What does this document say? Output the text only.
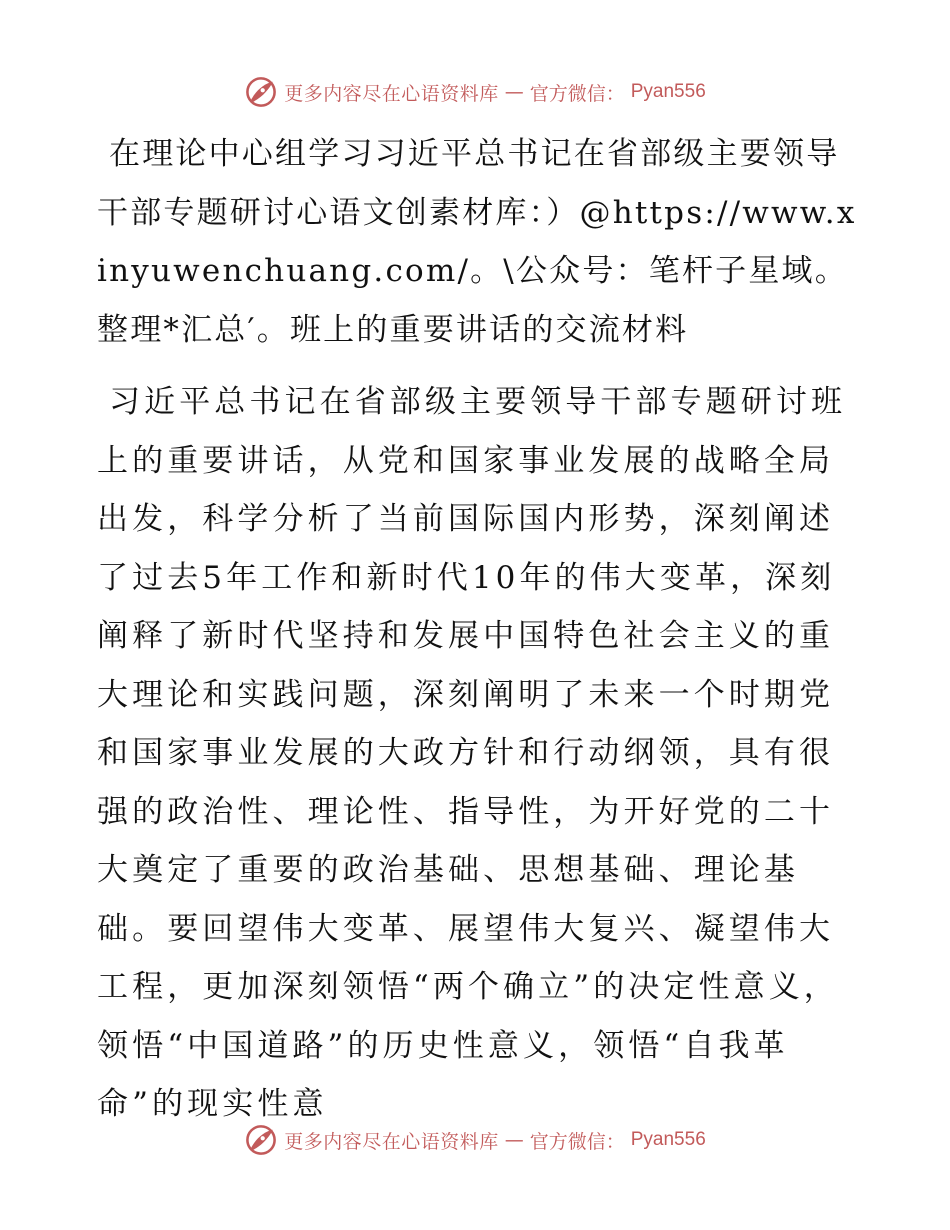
更多内容尽在心语资料库 — 官方微信： Pyan556

在理论中心组学习习近平总书记在省部级主要领导干部专题研讨心语文创素材库：）@https://www.xinyuwenchuang.com/。\公众号：笔杆子星域。整理*汇总′。班上的重要讲话的交流材料

习近平总书记在省部级主要领导干部专题研讨班上的重要讲话，从党和国家事业发展的战略全局出发，科学分析了当前国际国内形势，深刻阐述了过去5年工作和新时代10年的伟大变革，深刻阐释了新时代坚持和发展中国特色社会主义的重大理论和实践问题，深刻阐明了未来一个时期党和国家事业发展的大政方针和行动纲领，具有很强的政治性、理论性、指导性，为开好党的二十大奠定了重要的政治基础、思想基础、理论基础。要回望伟大变革、展望伟大复兴、凝望伟大工程，更加深刻领悟“两个确立”的决定性意义，领悟“中国道路”的历史性意义，领悟“自我革命”的现实性意

更多内容尽在心语资料库 — 官方微信： Pyan556
